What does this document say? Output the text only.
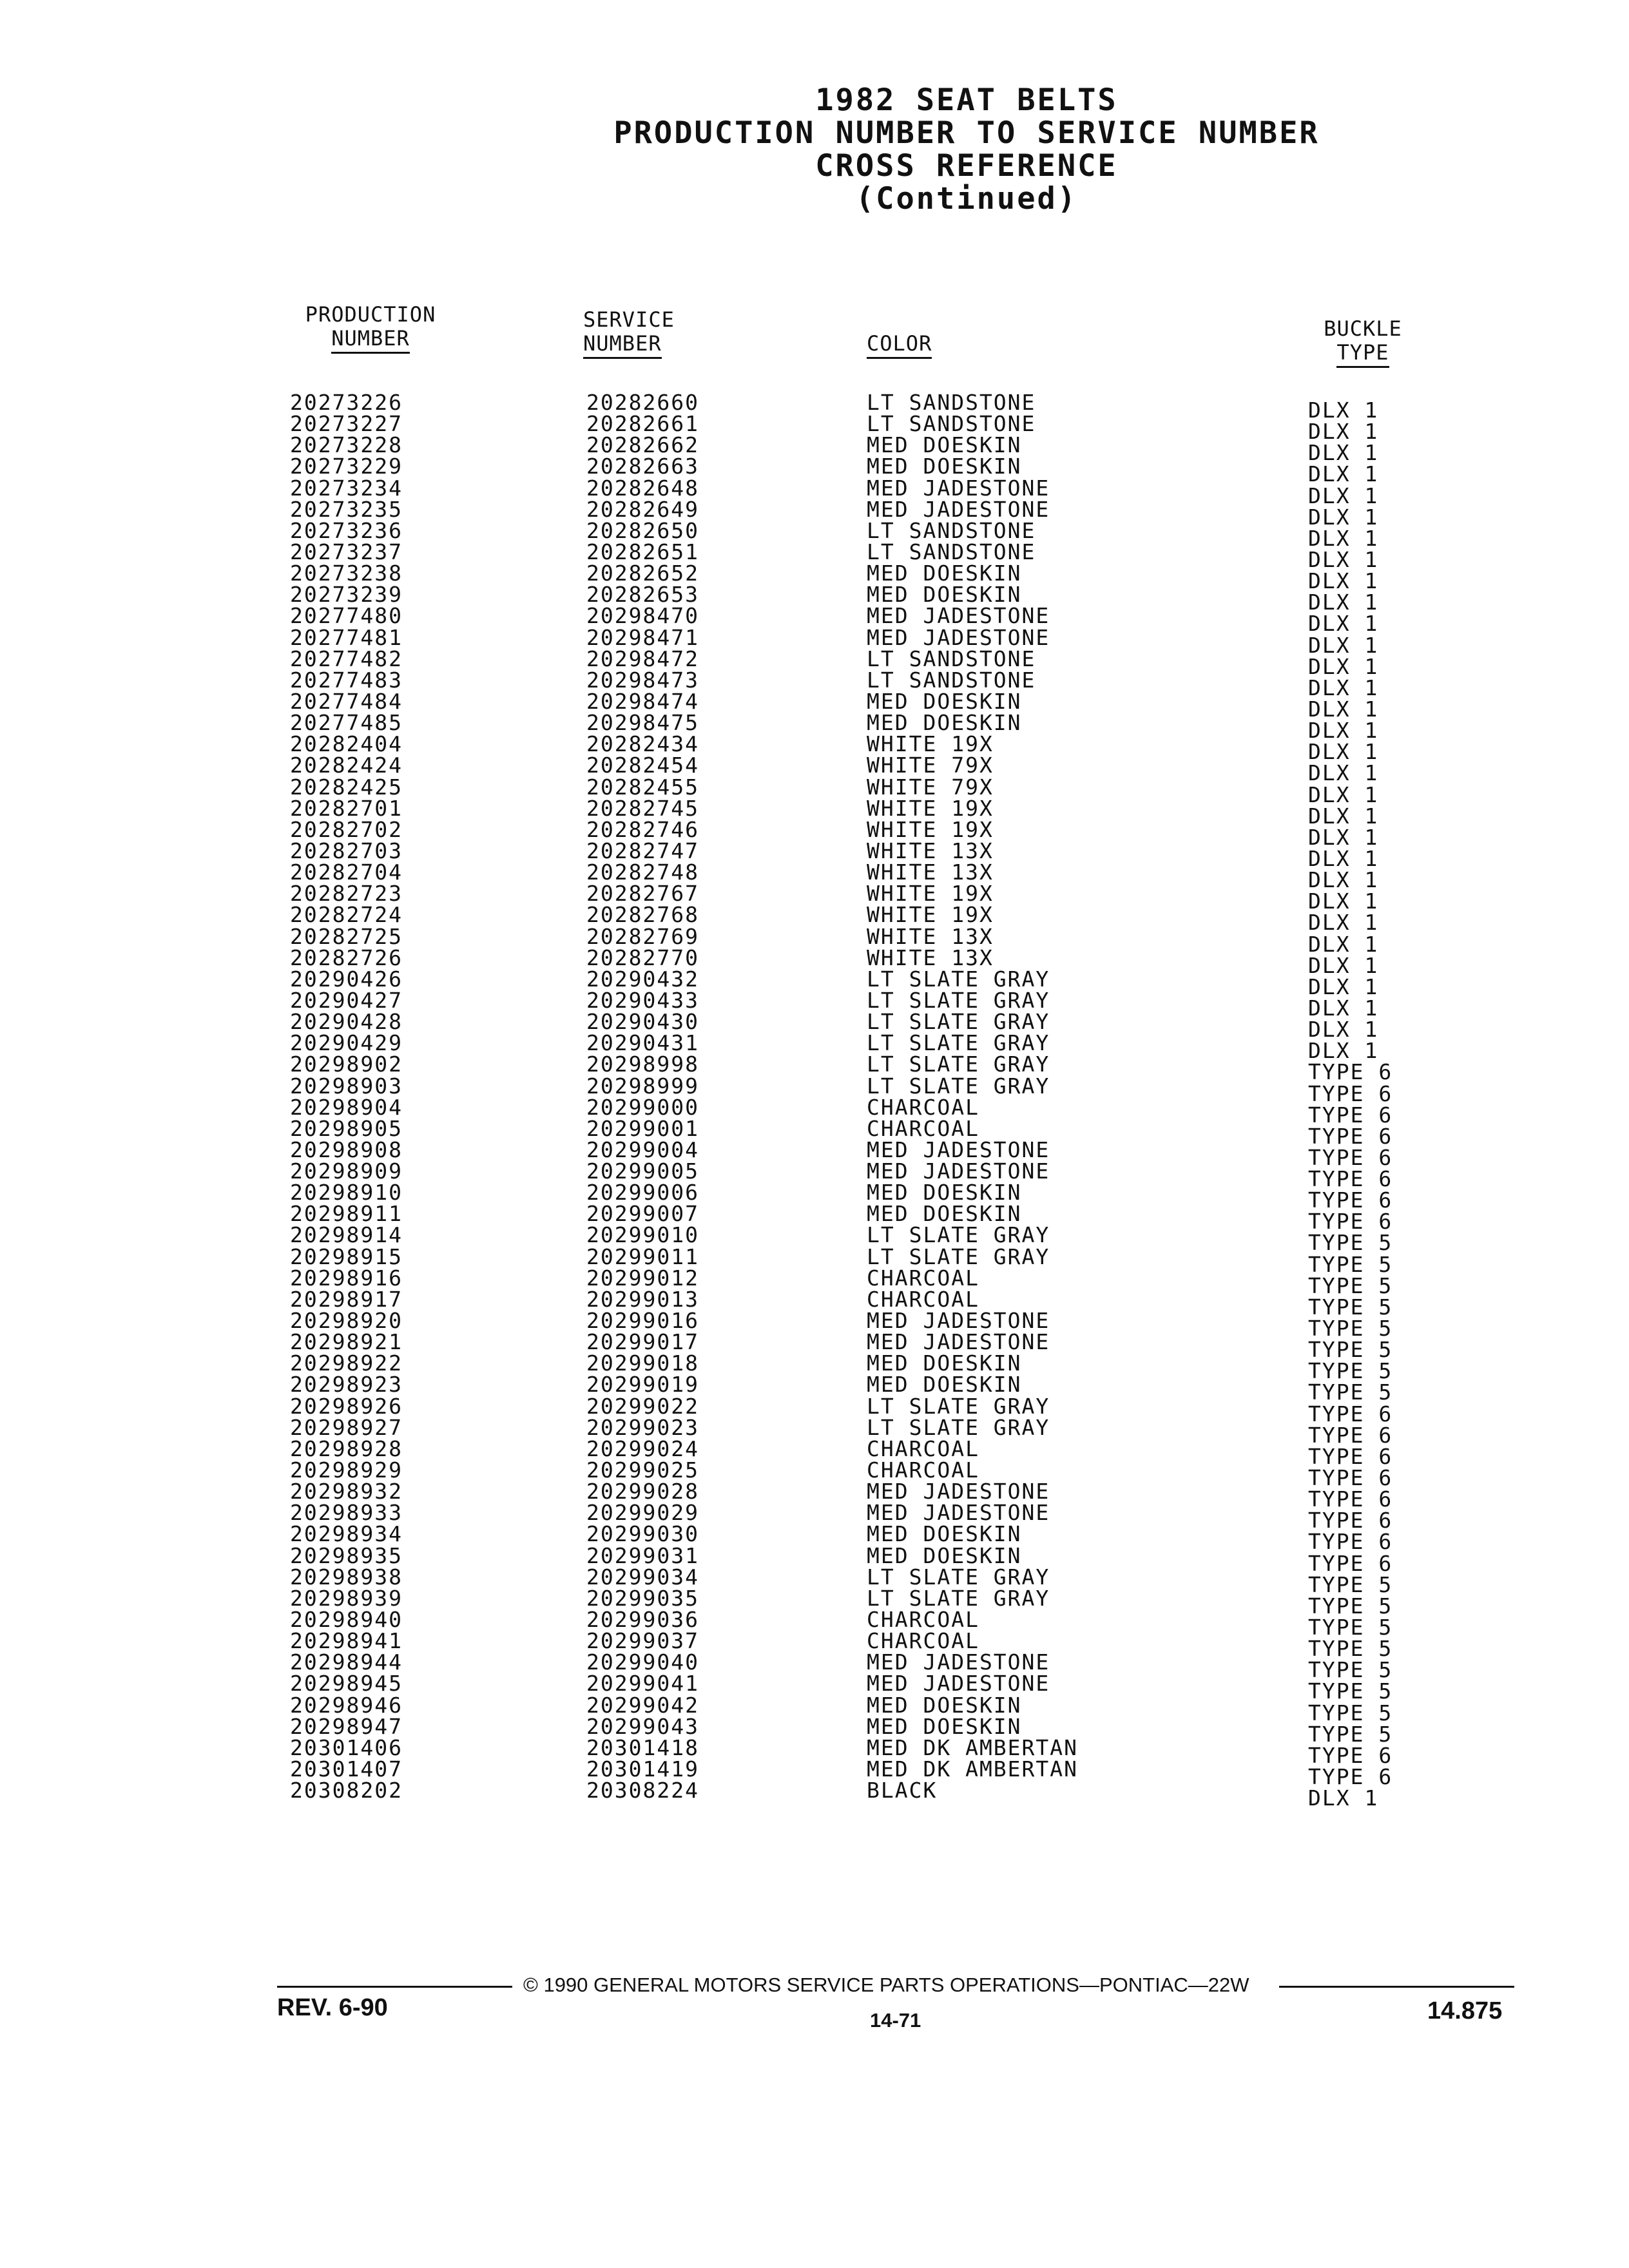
1982 SEAT BELTS
PRODUCTION NUMBER TO SERVICE NUMBER
CROSS REFERENCE
(Continued)
PRODUCTION
NUMBER
SERVICE
NUMBER	COLOR
BUCKLE
TYPE
20273226
20273227
20273228
20273229
20273234
20273235
20273236
20273237
20273238
20273239
20277480
20277481
20277482
20277483
20277484
20277485
20282404
20282424
20282425
20282701
20282702
20282703
20282704
20282723
20282724
20282725
20282726
20290426
20290427
20290428
20290429
20298902
20298903
20298904
20298905
20298908
20298909
20298910
20298911
20298914
20298915
20298916
20298917
20298920
20298921
20298922
20298923
20298926
20298927
20298928
20298929
20298932
20298933
20298934
20298935
20298938
20298939
20298940
20298941
20298944
20298945
20298946
20298947
20301406
20301407
20308202
20282660
20282661
20282662
20282663
20282648
20282649
20282650
20282651
20282652
20282653
20298470
20298471
20298472
20298473
20298474
20298475
20282434
20282454
20282455
20282745
20282746
20282747
20282748
20282767
20282768
20282769
20282770
20290432
20290433
20290430
20290431
20298998
20298999
20299000
20299001
20299004
20299005
20299006
20299007
20299010
20299011
20299012
20299013
20299016
20299017
20299018
20299019
20299022
20299023
20299024
20299025
20299028
20299029
20299030
20299031
20299034
20299035
20299036
20299037
20299040
20299041
20299042
20299043
20301418
20301419
20308224
LT SANDSTONE
LT SANDSTONE
MED DOESKIN
MED DOESKIN
MED JADESTONE
MED JADESTONE
LT SANDSTONE
LT SANDSTONE
MED DOESKIN
MED DOESKIN
MED JADESTONE
MED JADESTONE
LT SANDSTONE
LT SANDSTONE
MED DOESKIN
MED DOESKIN
WHITE 19X
WHITE 79X
WHITE 79X
WHITE 19X
WHITE 19X
WHITE 13X
WHITE 13X
WHITE 19X
WHITE 19X
WHITE 13X
WHITE 13X
LT SLATE GRAY
LT SLATE GRAY
LT SLATE GRAY
LT SLATE GRAY
LT SLATE GRAY
LT SLATE GRAY
CHARCOAL
CHARCOAL
MED JADESTONE
MED JADESTONE
MED DOESKIN
MED DOESKIN
LT SLATE GRAY
LT SLATE GRAY
CHARCOAL
CHARCOAL
MED JADESTONE
MED JADESTONE
MED DOESKIN
MED DOESKIN
LT SLATE GRAY
LT SLATE GRAY
CHARCOAL
CHARCOAL
MED JADESTONE
MED JADESTONE
MED DOESKIN
MED DOESKIN
LT SLATE GRAY
LT SLATE GRAY
CHARCOAL
CHARCOAL
MED JADESTONE
MED JADESTONE
MED DOESKIN
MED DOESKIN
MED DK AMBERTAN
MED DK AMBERTAN
BLACK
DLX 1
DLX 1
DLX 1
DLX 1
DLX 1
DLX 1
DLX 1
DLX 1
DLX 1
DLX 1
DLX 1
DLX 1
DLX 1
DLX 1
DLX 1
DLX 1
DLX 1
DLX 1
DLX 1
DLX 1
DLX 1
DLX 1
DLX 1
DLX 1
DLX 1
DLX 1
DLX 1
DLX 1
DLX 1
DLX 1
DLX 1
TYPE 6
TYPE 6
TYPE 6
TYPE 6
TYPE 6
TYPE 6
TYPE 6
TYPE 6
TYPE 5
TYPE 5
TYPE 5
TYPE 5
TYPE 5
TYPE 5
TYPE 5
TYPE 5
TYPE 6
TYPE 6
TYPE 6
TYPE 6
TYPE 6
TYPE 6
TYPE 6
TYPE 6
TYPE 5
TYPE 5
TYPE 5
TYPE 5
TYPE 5
TYPE 5
TYPE 5
TYPE 5
TYPE 6
TYPE 6
DLX 1
REV. 6-90
© 1990 GENERAL MOTORS SERVICE PARTS OPERATIONS—PONTIAC—22W
14-71	14.875
